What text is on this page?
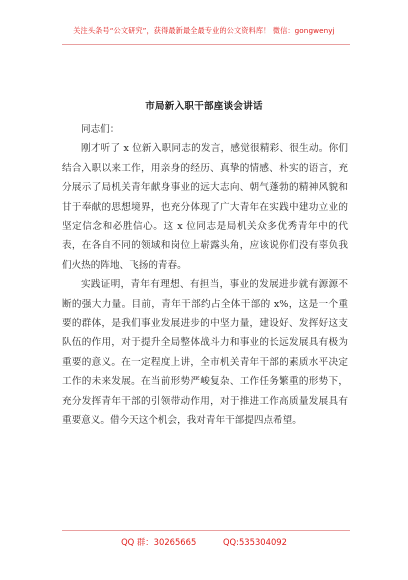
关注头条号“公文研究”，获得最新最全最专业的公文资料库！ 微信：gongwenyj
市局新入职干部座谈会讲话

同志们：

刚才听了 x 位新入职同志的发言，感觉很精彩、很生动。你们结合入职以来工作，用亲身的经历、真挚的情感、朴实的语言，充分展示了局机关青年献身事业的远大志向、朝气蓬勃的精神风貌和甘于奉献的思想境界，也充分体现了广大青年在实践中建功立业的坚定信念和必胜信心。这 x 位同志是局机关众多优秀青年中的代表，在各自不同的领域和岗位上崭露头角，应该说你们没有辜负我们火热的阵地、飞扬的青春。

实践证明，青年有理想、有担当，事业的发展进步就有源源不断的强大力量。目前，青年干部约占全体干部的 x%，这是一个重要的群体，是我们事业发展进步的中坚力量，建设好、发挥好这支队伍的作用，对于提升全局整体战斗力和事业的长远发展具有极为重要的意义。在一定程度上讲，全市机关青年干部的素质水平决定工作的未来发展。在当前形势严峻复杂、工作任务繁重的形势下，充分发挥青年干部的引领带动作用，对于推进工作高质量发展具有重要意义。借今天这个机会，我对青年干部提四点希望。

QQ 群：30265665	QQ:535304092
